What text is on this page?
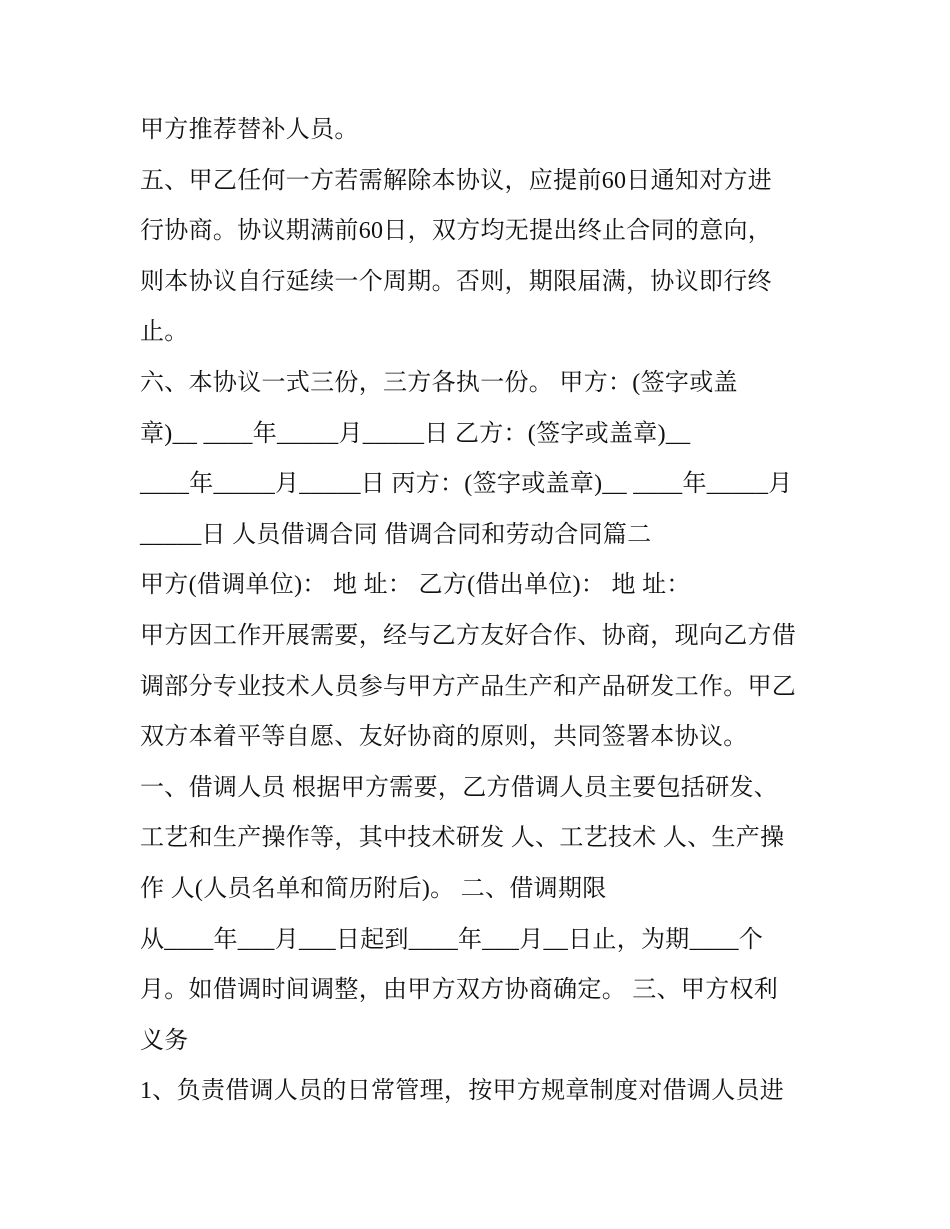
甲方推荐替补人员。
五、甲乙任何一方若需解除本协议，应提前60日通知对方进
行协商。协议期满前60日，双方均无提出终止合同的意向，
则本协议自行延续一个周期。否则，期限届满，协议即行终
止。
六、本协议一式三份，三方各执一份。 甲方：(签字或盖
章)__ ____年_____月_____日 乙方：(签字或盖章)__
____年_____月_____日 丙方：(签字或盖章)__ ____年_____月
_____日 人员借调合同 借调合同和劳动合同篇二
甲方(借调单位)： 地 址： 乙方(借出单位)： 地 址：
甲方因工作开展需要，经与乙方友好合作、协商，现向乙方借
调部分专业技术人员参与甲方产品生产和产品研发工作。甲乙
双方本着平等自愿、友好协商的原则，共同签署本协议。
一、借调人员 根据甲方需要，乙方借调人员主要包括研发、
工艺和生产操作等，其中技术研发 人、工艺技术 人、生产操
作 人(人员名单和简历附后)。 二、借调期限
从____年___月___日起到____年___月__日止，为期____个
月。如借调时间调整，由甲方双方协商确定。 三、甲方权利
义务
1、负责借调人员的日常管理，按甲方规章制度对借调人员进
